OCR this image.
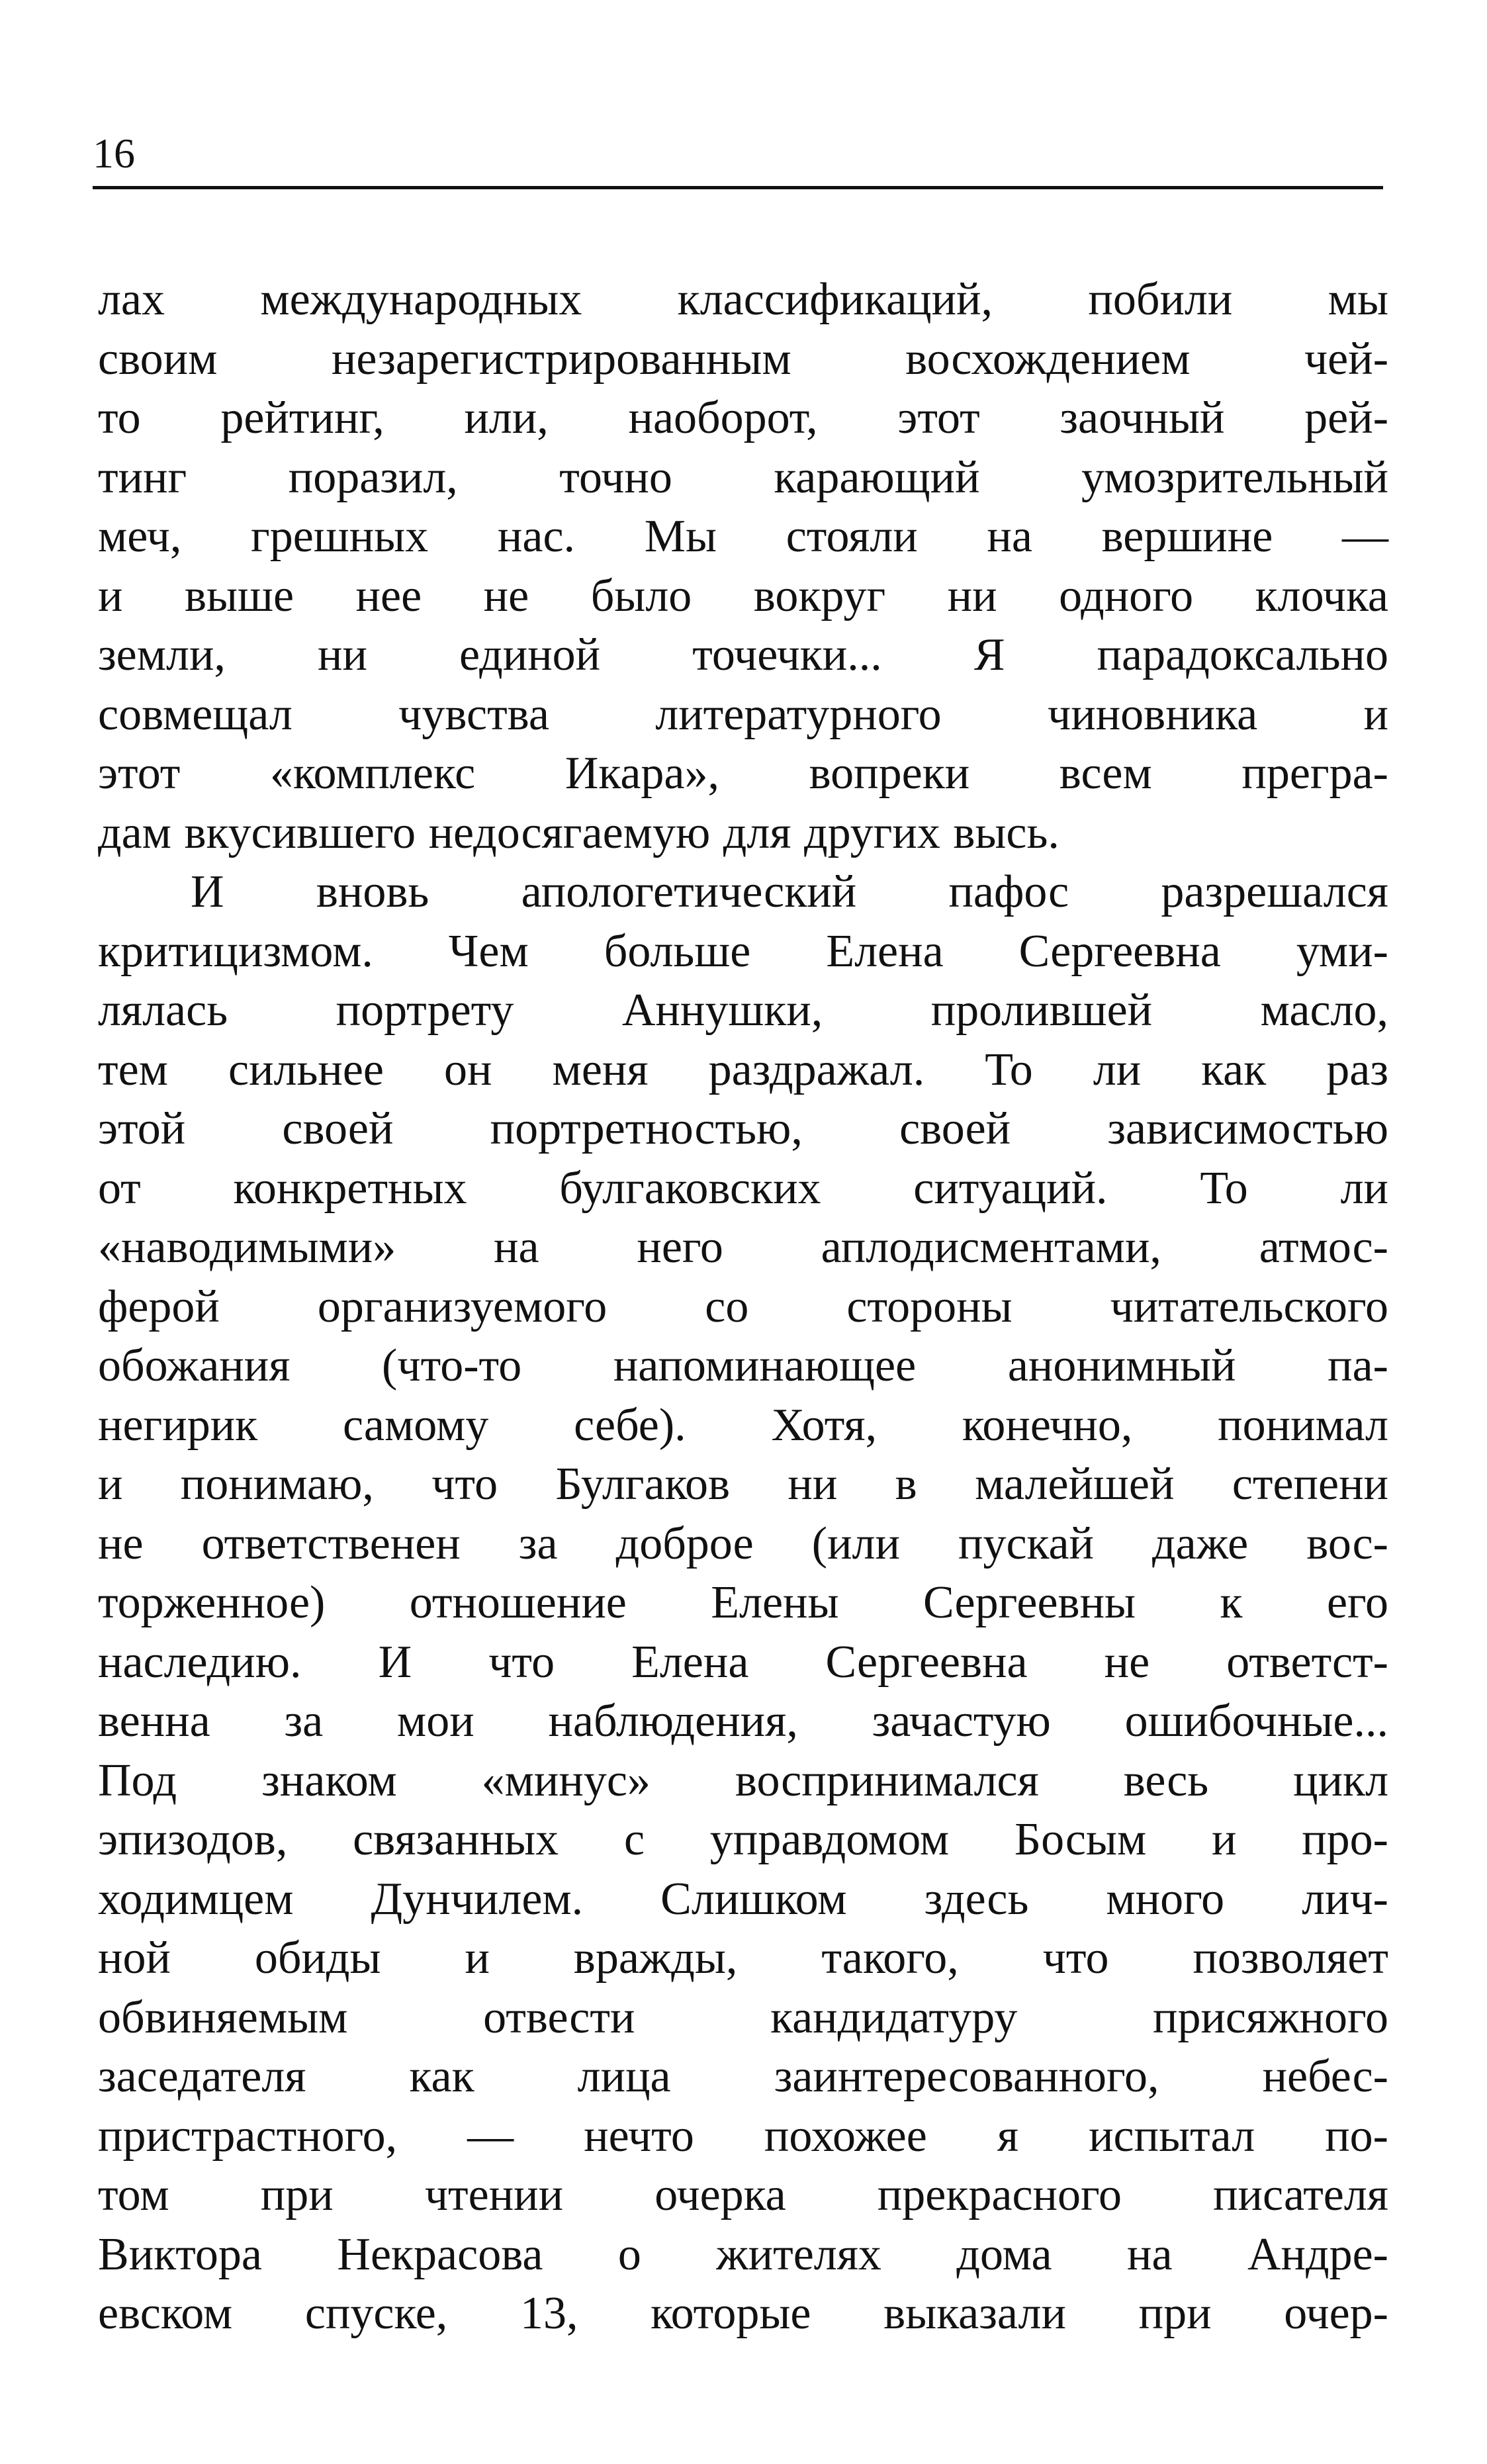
16
лах международных классификаций, побили мы
своим незарегистрированным восхождением чей-
то рейтинг, или, наоборот, этот заочный рей-
тинг поразил, точно карающий умозрительный
меч, грешных нас. Мы стояли на вершине —
и выше нее не было вокруг ни одного клочка
земли, ни единой точечки... Я парадоксально
совмещал чувства литературного чиновника и
этот «комплекс Икара», вопреки всем прегра-
дам вкусившего недосягаемую для других высь.
И вновь апологетический пафос разрешался
критицизмом. Чем больше Елена Сергеевна уми-
лялась портрету Аннушки, пролившей масло,
тем сильнее он меня раздражал. То ли как раз
этой своей портретностью, своей зависимостью
от конкретных булгаковских ситуаций. То ли
«наводимыми» на него аплодисментами, атмос-
ферой организуемого со стороны читательского
обожания (что-то напоминающее анонимный па-
негирик самому себе). Хотя, конечно, понимал
и понимаю, что Булгаков ни в малейшей степени
не ответственен за доброе (или пускай даже вос-
торженное) отношение Елены Сергеевны к его
наследию. И что Елена Сергеевна не ответст-
венна за мои наблюдения, зачастую ошибочные...
Под знаком «минус» воспринимался весь цикл
эпизодов, связанных с управдомом Босым и про-
ходимцем Дунчилем. Слишком здесь много лич-
ной обиды и вражды, такого, что позволяет
обвиняемым отвести кандидатуру присяжного
заседателя как лица заинтересованного, небес-
пристрастного, — нечто похожее я испытал по-
том при чтении очерка прекрасного писателя
Виктора Некрасова о жителях дома на Андре-
евском спуске, 13, которые выказали при очер-
